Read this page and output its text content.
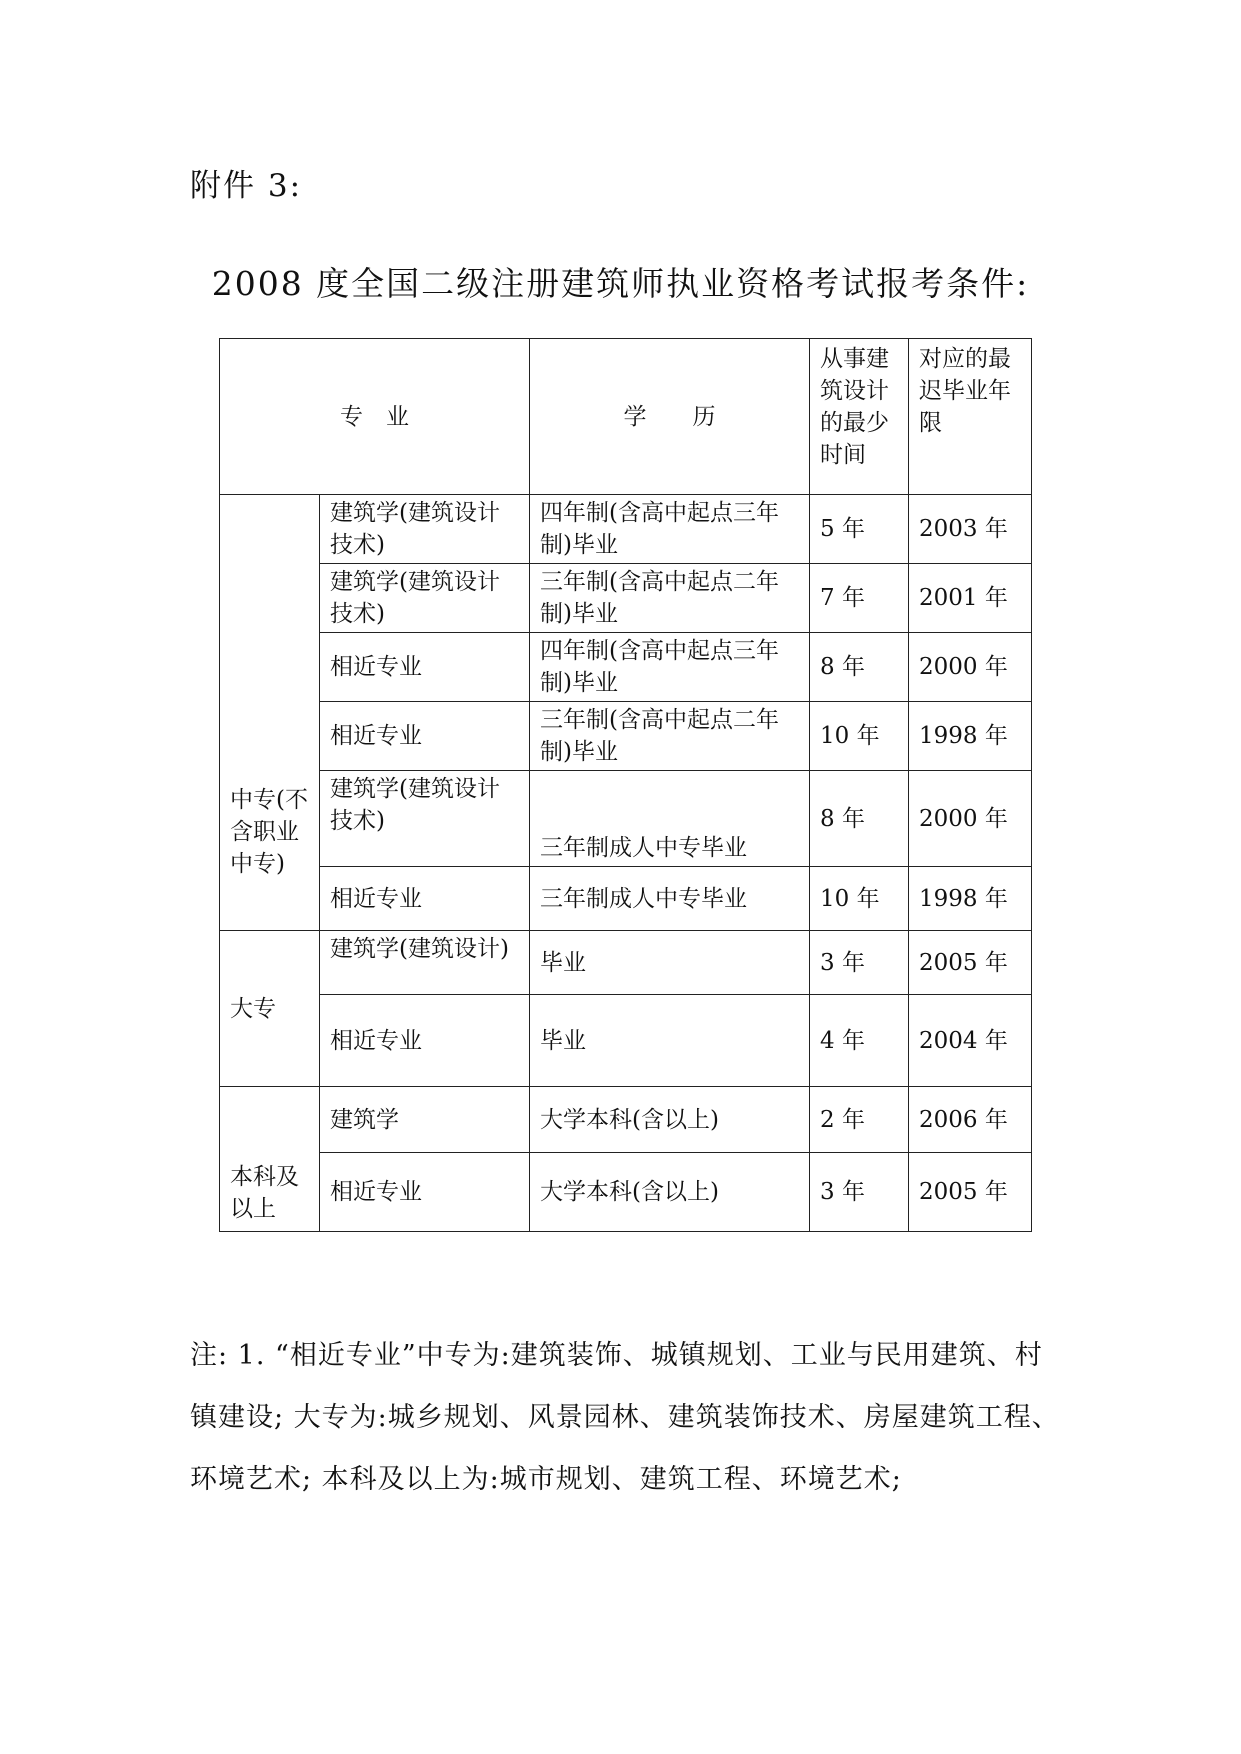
附件 3:
2008 度全国二级注册建筑师执业资格考试报考条件:
专　业		学　　历	从事建筑设计的最少时间	对应的最迟毕业年限
中专(不含职业中专)	建筑学(建筑设计技术)	四年制(含高中起点三年制)毕业	5 年	2003 年
	建筑学(建筑设计技术)	三年制(含高中起点二年制)毕业	7 年	2001 年
	相近专业	四年制(含高中起点三年制)毕业	8 年	2000 年
	相近专业	三年制(含高中起点二年制)毕业	10 年	1998 年
	建筑学(建筑设计技术)	三年制成人中专毕业	8 年	2000 年
	相近专业	三年制成人中专毕业	10 年	1998 年
大专	建筑学(建筑设计)	毕业	3 年	2005 年
	相近专业	毕业	4 年	2004 年
本科及以上	建筑学	大学本科(含以上)	2 年	2006 年
	相近专业	大学本科(含以上)	3 年	2005 年
注: 1. “相近专业”中专为:建筑装饰、城镇规划、工业与民用建筑、村镇建设; 大专为:城乡规划、风景园林、建筑装饰技术、房屋建筑工程、环境艺术; 本科及以上为:城市规划、建筑工程、环境艺术;
